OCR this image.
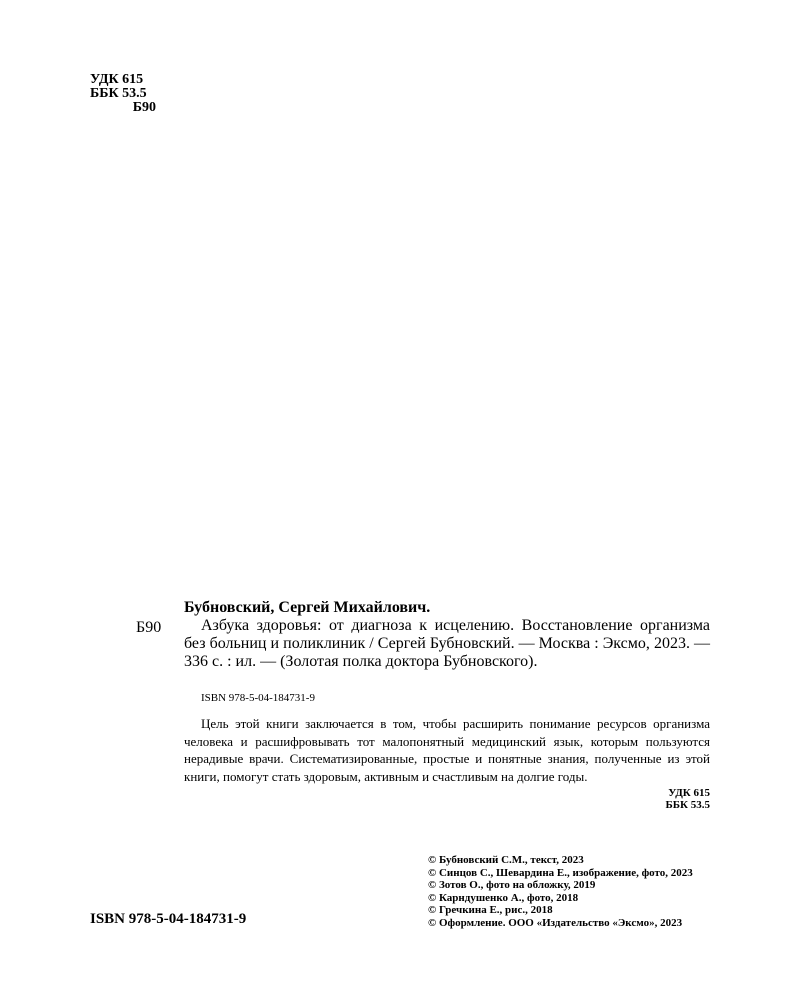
УДК 615
ББК 53.5
Б90
Бубновский, Сергей Михайлович.
Б90	Азбука здоровья: от диагноза к исцелению. Восстановление организма без больниц и поликлиник / Сергей Бубновский. — Москва : Эксмо, 2023. — 336 с. : ил. — (Золотая полка доктора Бубновского).
ISBN 978-5-04-184731-9
Цель этой книги заключается в том, чтобы расширить понимание ресурсов организма человека и расшифровывать тот малопонятный медицинский язык, которым пользуются нерадивые врачи. Систематизированные, простые и понятные знания, полученные из этой книги, помогут стать здоровым, активным и счастливым на долгие годы.
УДК 615
ББК 53.5
© Бубновский С.М., текст, 2023
© Синцов С., Шевардина Е., изображение, фото, 2023
© Зотов О., фото на обложку, 2019
© Карндушенко А., фото, 2018
© Гречкина Е., рис., 2018
© Оформление. ООО «Издательство «Эксмо», 2023
ISBN 978-5-04-184731-9
